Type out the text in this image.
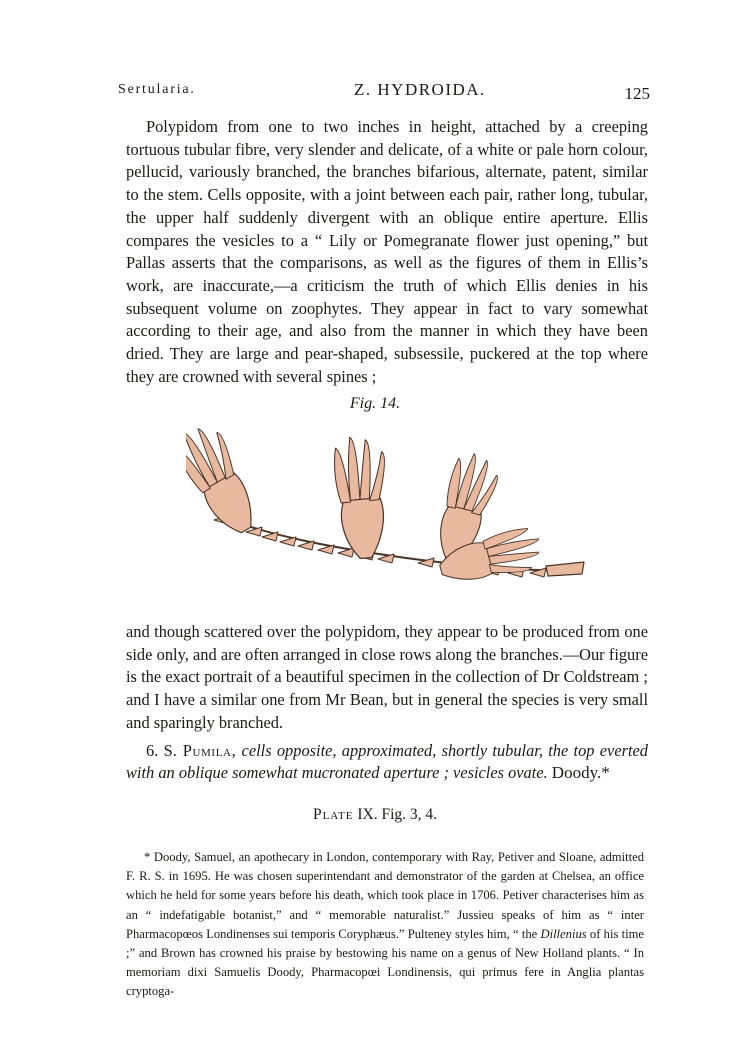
Sertularia.	Z. HYDROIDA.	125

Polypidom from one to two inches in height, attached by a creeping tortuous tubular fibre, very slender and delicate, of a white or pale horn colour, pellucid, variously branched, the branches bifarious, alternate, patent, similar to the stem. Cells opposite, with a joint between each pair, rather long, tubular, the upper half suddenly divergent with an oblique entire aperture. Ellis compares the vesicles to a “ Lily or Pomegranate flower just opening,” but Pallas asserts that the comparisons, as well as the figures of them in Ellis’s work, are inaccurate,—a criticism the truth of which Ellis denies in his subsequent volume on zoophytes. They appear in fact to vary somewhat according to their age, and also from the manner in which they have been dried. They are large and pear-shaped, subsessile, puckered at the top where they are crowned with several spines ;

Fig. 14.

and though scattered over the polypidom, they appear to be produced from one side only, and are often arranged in close rows along the branches.—Our figure is the exact portrait of a beautiful specimen in the collection of Dr Coldstream ; and I have a similar one from Mr Bean, but in general the species is very small and sparingly branched.

6. S. Pumila, cells opposite, approximated, shortly tubular, the top everted with an oblique somewhat mucronated aperture ; vesicles ovate. Doody.*

Plate IX. Fig. 3, 4.

* Doody, Samuel, an apothecary in London, contemporary with Ray, Petiver and Sloane, admitted F. R. S. in 1695. He was chosen superintendant and demonstrator of the garden at Chelsea, an office which he held for some years before his death, which took place in 1706. Petiver characterises him as an “ indefatigable botanist,” and “ memorable naturalist.” Jussieu speaks of him as “ inter Pharmacopœos Londinenses sui temporis Coryphæus.” Pulteney styles him, “ the Dillenius of his time ;” and Brown has crowned his praise by bestowing his name on a genus of New Holland plants. “ In memoriam dixi Samuelis Doody, Pharmacopœi Londinensis, qui primus fere in Anglia plantas cryptoga-
